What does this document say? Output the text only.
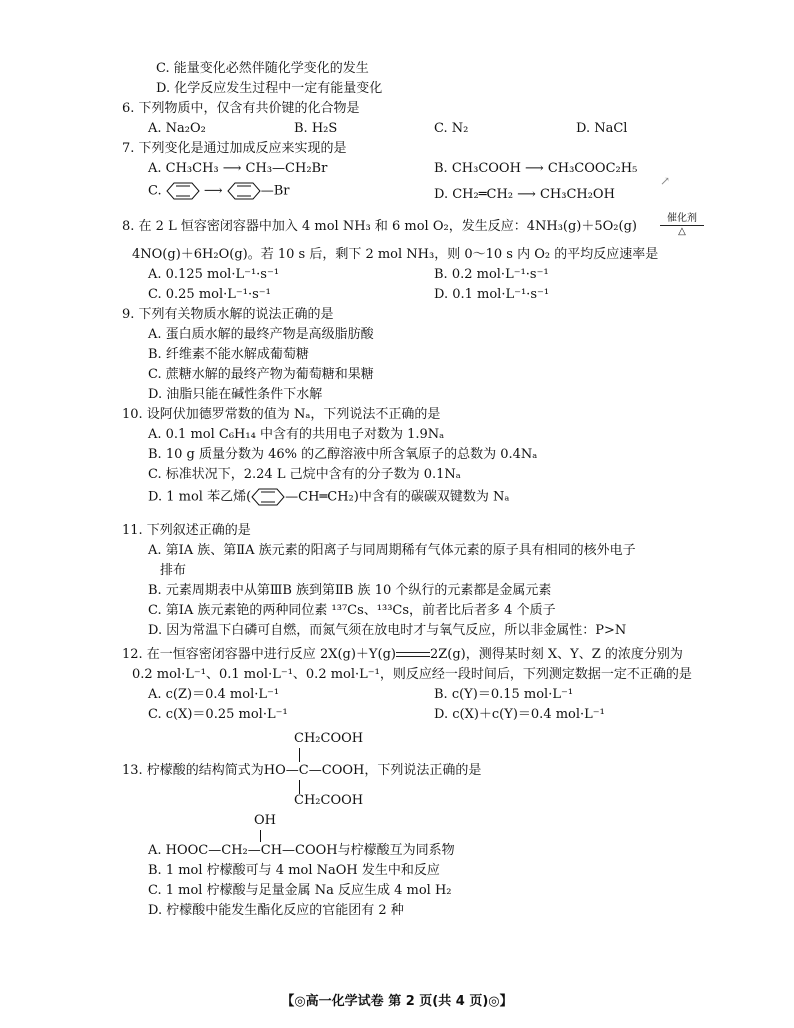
C. 能量变化必然伴随化学变化的发生
D. 化学反应发生过程中一定有能量变化
6. 下列物质中，仅含有共价键的化合物是
A. Na₂O₂	B. H₂S	C. N₂	D. NaCl
7. 下列变化是通过加成反应来实现的是
A. CH₃CH₃ ⟶ CH₃—CH₂Br	B. CH₃COOH ⟶ CH₃COOC₂H₅
C.	⟶	—Br	D. CH₂═CH₂ ⟶ CH₃CH₂OH
↗
8. 在 2 L 恒容密闭容器中加入 4 mol NH₃ 和 6 mol O₂，发生反应：4NH₃(g)＋5O₂(g)
催化剂
△
4NO(g)＋6H₂O(g)。若 10 s 后，剩下 2 mol NH₃，则 0～10 s 内 O₂ 的平均反应速率是
A. 0.125 mol·L⁻¹·s⁻¹	B. 0.2 mol·L⁻¹·s⁻¹
C. 0.25 mol·L⁻¹·s⁻¹	D. 0.1 mol·L⁻¹·s⁻¹
9. 下列有关物质水解的说法正确的是
A. 蛋白质水解的最终产物是高级脂肪酸
B. 纤维素不能水解成葡萄糖
C. 蔗糖水解的最终产物为葡萄糖和果糖
D. 油脂只能在碱性条件下水解
10. 设阿伏加德罗常数的值为 Nₐ，下列说法不正确的是
A. 0.1 mol C₆H₁₄ 中含有的共用电子对数为 1.9Nₐ
B. 10 g 质量分数为 46% 的乙醇溶液中所含氧原子的总数为 0.4Nₐ
C. 标准状况下，2.24 L 己烷中含有的分子数为 0.1Nₐ
D. 1 mol 苯乙烯(	—CH═CH₂)中含有的碳碳双键数为 Nₐ
11. 下列叙述正确的是
A. 第ⅠA 族、第ⅡA 族元素的阳离子与同周期稀有气体元素的原子具有相同的核外电子
排布
B. 元素周期表中从第ⅢB 族到第ⅡB 族 10 个纵行的元素都是金属元素
C. 第ⅠA 族元素铯的两种同位素 ¹³⁷Cs、¹³³Cs，前者比后者多 4 个质子
D. 因为常温下白磷可自燃，而氮气须在放电时才与氧气反应，所以非金属性：P>N
12. 在一恒容密闭容器中进行反应 2X(g)＋Y(g)	2Z(g)，测得某时刻 X、Y、Z 的浓度分别为
0.2 mol·L⁻¹、0.1 mol·L⁻¹、0.2 mol·L⁻¹，则反应经一段时间后，下列测定数据一定不正确的是
A. c(Z)＝0.4 mol·L⁻¹	B. c(Y)＝0.15 mol·L⁻¹
C. c(X)＝0.25 mol·L⁻¹	D. c(X)＋c(Y)＝0.4 mol·L⁻¹
CH₂COOH
13. 柠檬酸的结构简式为HO—C—COOH，下列说法正确的是
CH₂COOH
OH
A. HOOC—CH₂—CH—COOH与柠檬酸互为同系物
B. 1 mol 柠檬酸可与 4 mol NaOH 发生中和反应
C. 1 mol 柠檬酸与足量金属 Na 反应生成 4 mol H₂
D. 柠檬酸中能发生酯化反应的官能团有 2 种
【◎高一化学试卷 第 2 页(共 4 页)◎】
